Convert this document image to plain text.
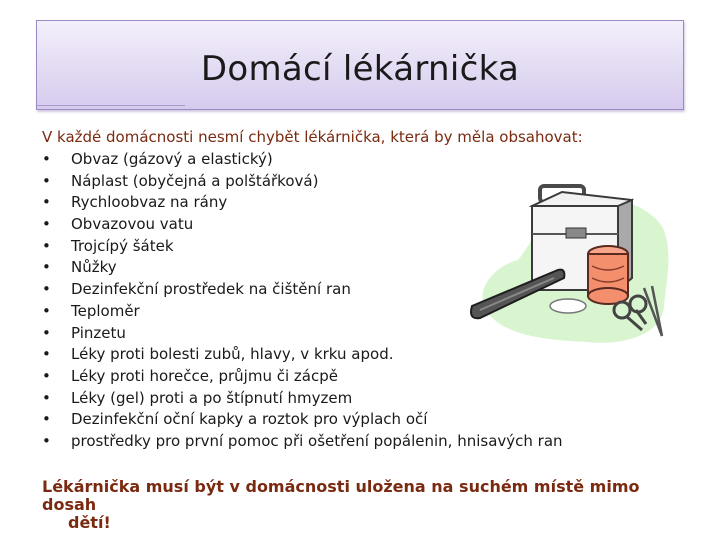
Domácí lékárnička
V každé domácnosti nesmí chybět lékárnička, která by měla obsahovat:
•	Obvaz (gázový a elastický)
•	Náplast (obyčejná a polštářková)
•	Rychloobvaz na rány
•	Obvazovou vatu
•	Trojcípý šátek
•	Nůžky
•	Dezinfekční prostředek na čištění ran
•	Teploměr
•	Pinzetu
•	Léky proti bolesti zubů, hlavy, v krku apod.
•	Léky proti horečce, průjmu či zácpě
•	Léky (gel) proti a po štípnutí hmyzem
•	Dezinfekční oční kapky a roztok pro výplach očí
•	prostředky pro první pomoc při ošetření popálenin, hnisavých ran
Lékárnička musí být v domácnosti uložena na suchém místě mimo dosah
dětí!
